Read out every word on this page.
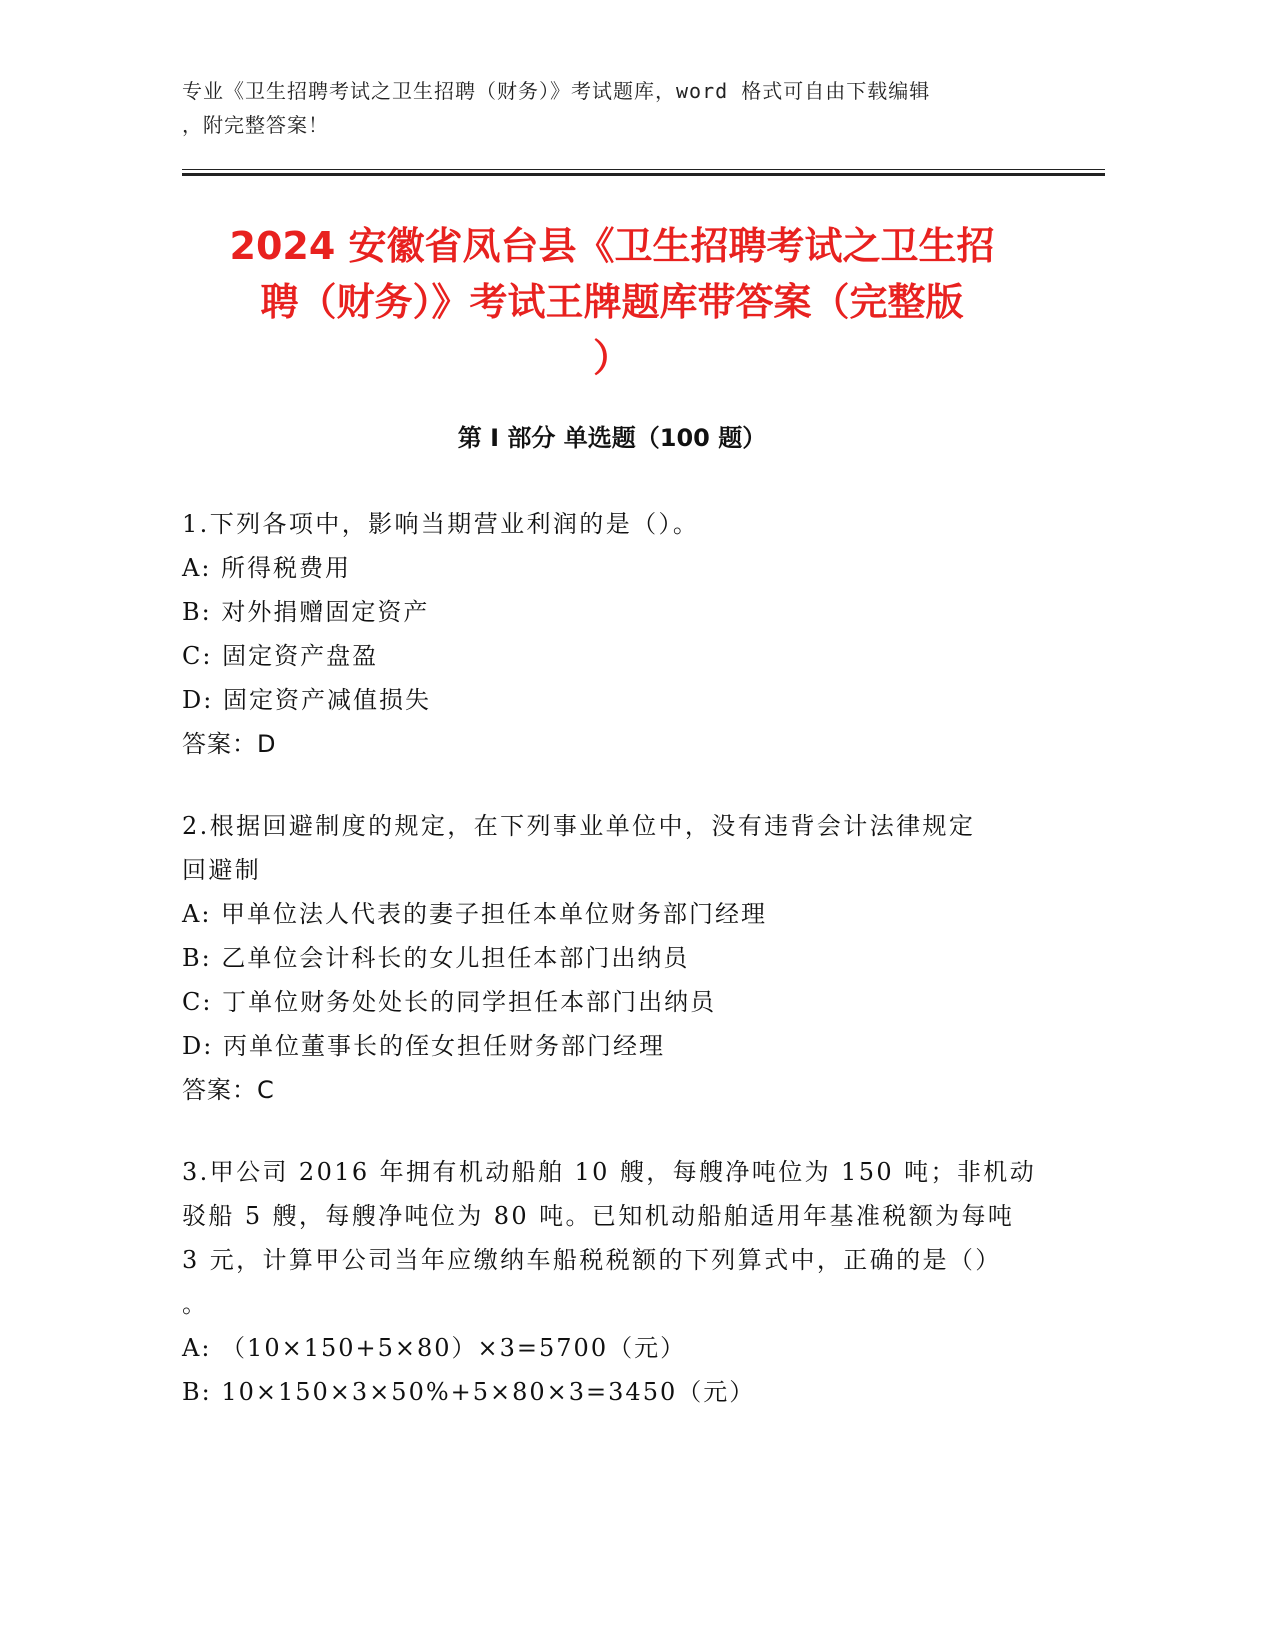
专业《卫生招聘考试之卫生招聘（财务）》考试题库，word 格式可自由下载编辑
，附完整答案！
2024 安徽省凤台县《卫生招聘考试之卫生招
聘（财务）》考试王牌题库带答案（完整版
）
第 I 部分 单选题（100 题）
1.下列各项中，影响当期营业利润的是（）。
A: 所得税费用
B: 对外捐赠固定资产
C: 固定资产盘盈
D: 固定资产减值损失
答案：D
2.根据回避制度的规定，在下列事业单位中，没有违背会计法律规定
回避制
A: 甲单位法人代表的妻子担任本单位财务部门经理
B: 乙单位会计科长的女儿担任本部门出纳员
C: 丁单位财务处处长的同学担任本部门出纳员
D: 丙单位董事长的侄女担任财务部门经理
答案：C
3.甲公司 2016 年拥有机动船舶 10 艘，每艘净吨位为 150 吨；非机动
驳船 5 艘，每艘净吨位为 80 吨。已知机动船舶适用年基准税额为每吨
3 元，计算甲公司当年应缴纳车船税税额的下列算式中，正确的是（）
。
A: （10×150+5×80）×3=5700（元）
B: 10×150×3×50%+5×80×3=3450（元）
